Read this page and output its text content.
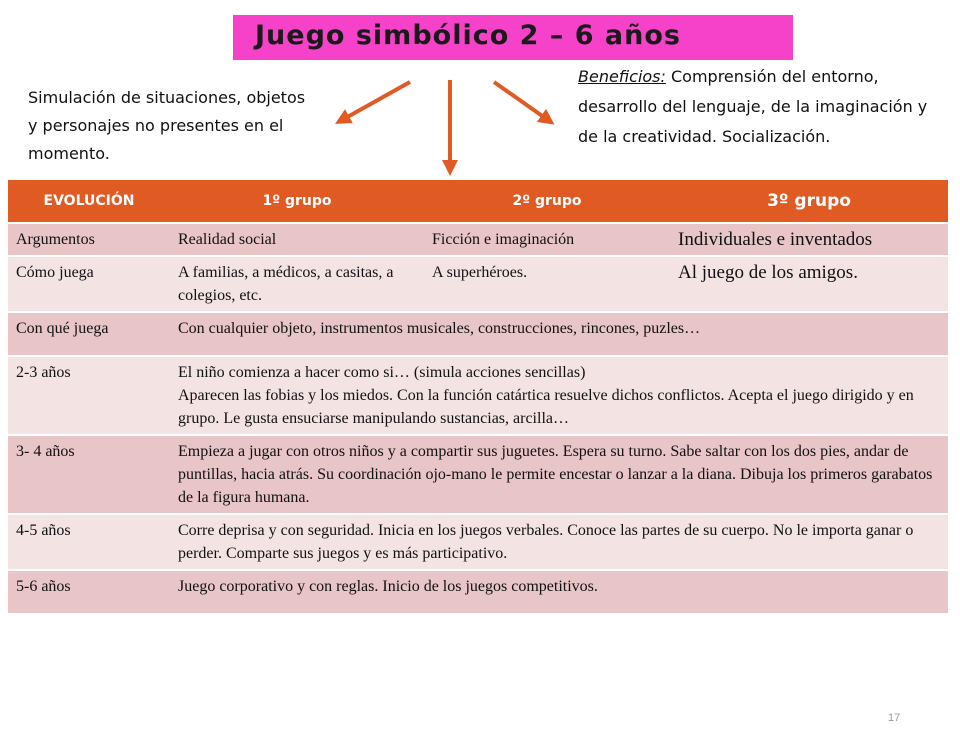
Juego simbólico 2 – 6 años
Simulación de situaciones, objetos y personajes no presentes en el momento.
Beneficios: Comprensión del entorno, desarrollo del lenguaje, de la imaginación y de la creatividad. Socialización.
EVOLUCIÓN	1º grupo	2º grupo	3º grupo
Argumentos	Realidad social	Ficción e imaginación	Individuales e inventados
Cómo juega	A familias, a médicos, a casitas, a colegios, etc.	A superhéroes.	Al juego de los amigos.
Con qué juega	Con cualquier objeto, instrumentos musicales, construcciones, rincones, puzles…		
2-3 años	El niño comienza a hacer como si… (simula acciones sencillas)
Aparecen las fobias y los miedos. Con la función catártica resuelve dichos conflictos. Acepta el juego dirigido y en grupo. Le gusta ensuciarse manipulando sustancias, arcilla…		

3- 4 años	Empieza a jugar con otros niños y a compartir sus juguetes. Espera su turno. Sabe saltar con los dos pies, andar de puntillas, hacia atrás. Su coordinación ojo-mano le permite encestar o lanzar a la diana. Dibuja los primeros garabatos de la figura humana.		
4-5 años	Corre deprisa y con seguridad. Inicia en los juegos verbales. Conoce las partes de su cuerpo. No le importa ganar o perder. Comparte sus juegos y es más participativo.		
5-6 años	Juego corporativo y con reglas. Inicio de los juegos competitivos.		
17
